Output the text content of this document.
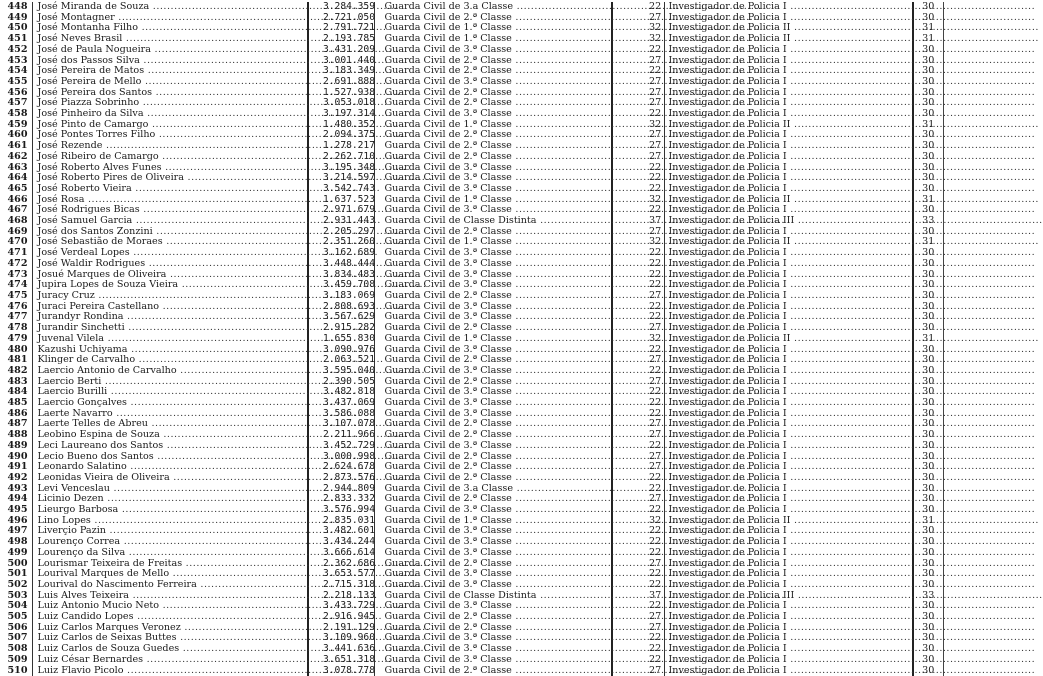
448	José Miranda de Souza .....	3.284.359	Guarda Civil de 3.a Classe .....	22	Investigador de Policia I .....	30
449	José Montagner .....	2.721.050	Guarda Civil de 2.ª Classe .....	27	Investigador de Policia I .....	30
450	José Montanha Filho .....	2.791.721	Guarda Civil de 1.ª Classe .....	32	Investigador de Policia II .....	31
451	José Neves Brasil .....	2.193.785	Guarda Civil de 1.ª Classe .....	32	Investigador de Policia II .....	31
452	José de Paula Nogueira .....	3.431.209	Guarda Civil de 3.ª Classe .....	22	Investigador de Policia I .....	30
453	José dos Passos Silva .....	3.001.440	Guarda Civil de 2.ª Classe .....	27	Investigador de Policia I .....	30
454	José Pereira de Matos .....	3.183.349	Guarda Civil de 2.ª Classe .....	22	Investigador de Policia I .....	30
455	José Pereira de Mello .....	2.691.888	Guarda Civil de 3.ª Classe .....	27	Investigador de Policia I .....	30
456	José Pereira dos Santos .....	1.527.938	Guarda Civil de 2.ª Classe .....	27	Investigador de Policia I .....	30
457	José Piazza Sobrinho .....	3.053.018	Guarda Civil de 2.ª Classe .....	27	Investigador de Policia I .....	30
458	José Pinheiro da Silva .....	3.197.314	Guarda Civil de 3.ª Classe .....	22	Investigador de Policia I .....	30
459	José Pinto de Camargo .....	1.480.352	Guarda Civil de 1.ª Classe .....	32	Investigador de Policia II .....	31
460	José Pontes Torres Filho .....	2.094.375	Guarda Civil de 2.ª Classe .....	27	Investigador de Policia I .....	30
461	José Rezende .....	1.278.217	Guarda Civil de 2.ª Classe .....	27	Investigador de Policia I .....	30
462	José Ribeiro de Camargo .....	2.262.710	Guarda Civil de 2.ª Classe .....	27	Investigador de Policia I .....	30
463	José Roberto Alves Funes .....	3.195.348	Guarda Civil de 3.ª Classe .....	22	Investigador de Policia I .....	30
464	José Roberto Pires de Oliveira .....	3.214.597	Guarda Civil de 3.ª Classe .....	22	Investigador de Policia I .....	30
465	José Roberto Vieira .....	3.542.743	Guarda Civil de 3.ª Classe .....	22	Investigador de Policia I .....	30
466	José Rosa .....	1.637.523	Guarda Civil de 1.ª Classe .....	32	Investigador de Policia II .....	31
467	José Rodrigues Bicas .....	2.971.679	Guarda Civil de 3.ª Classe .....	22	Investigador de Policia I .....	30
468	José Samuel Garcia .....	2.931.443	Guarda Civil de Classe Distinta .....	37	Investigador de Policia III .....	33
469	José dos Santos Zonzini .....	2.205.297	Guarda Civil de 2.ª Classe .....	27	Investigador de Policia I .....	30
470	José Sebastião de Moraes .....	2.351.260	Guarda Civil de 1.ª Classe .....	32	Investigador de Policia II .....	31
471	José Verdeal Lopes .....	3.162.689	Guarda Civil de 3.ª Classe .....	22	Investigador de Policia I .....	30
472	José Waldir Rodrigues .....	3.448.444	Guarda Civil de 3.ª Classe .....	22	Investigador de Policia I .....	30
473	Josué Marques de Oliveira .....	3.834.483	Guarda Civil de 3.ª Classe .....	22	Investigador de Policia I .....	30
474	Jupira Lopes de Souza Vieira .....	3.459.708	Guarda Civil de 3.ª Classe .....	22	Investigador de Policia I .....	30
475	Juracy Cruz .....	3.183.069	Guarda Civil de 2.ª Classe .....	27	Investigador de Policia I .....	30
476	Juraci Pereira Castellano .....	2.808.693	Guarda Civil de 3.ª Classe .....	22	Investigador de Policia I .....	30
477	Jurandyr Rondina .....	3.567.629	Guarda Civil de 3.ª Classe .....	22	Investigador de Policia I .....	30
478	Jurandir Sinchetti .....	2.915.282	Guarda Civil de 2.ª Classe .....	27	Investigador de Policia I .....	30
479	Juvenal Vilela .....	1.655.830	Guarda Civil de 1.ª Classe .....	32	Investigador de Policia II .....	31
480	Kazushi Uchiyama .....	3.090.976	Guarda Civil de 3.ª Classe .....	22	Investigador de Policia I .....	30
481	Klinger de Carvalho .....	2.063.521	Guarda Civil de 2.ª Classe .....	27	Investigador de Policia I .....	30
482	Laercio Antonio de Carvalho .....	3.595.040	Guarda Civil de 3.ª Classe .....	22	Investigador de Policia I .....	30
483	Laercio Berti .....	2.390.505	Guarda Civil de 2.ª Classe .....	27	Investigador de Policia I .....	30
484	Laercio Burilli .....	3.482.818	Guarda Civil de 3.ª Classe .....	22	Investigador de Policia I .....	30
485	Laercio Gonçalves .....	3.437.069	Guarda Civil de 3.ª Classe .....	22	Investigador de Policia I .....	30
486	Laerte Navarro .....	3.586.088	Guarda Civil de 3.ª Classe .....	22	Investigador de Policia I .....	30
487	Laerte Telles de Abreu .....	3.107.078	Guarda Civil de 2.ª Classe .....	27	Investigador de Policia I .....	30
488	Leobino Espina de Souza .....	2.211.966	Guarda Civil de 2.ª Classe .....	27	Investigador de Policia I .....	30
489	Leci Laureano dos Santos .....	3.452.729	Guarda Civil de 3.ª Classe .....	22	Investigador de Policia I .....	30
490	Lecio Bueno dos Santos .....	3.000.998	Guarda Civil de 2.ª Classe .....	27	Investigador de Policia I .....	30
491	Leonardo Salatino .....	2.624.678	Guarda Civil de 2.ª Classe .....	27	Investigador de Policia I .....	30
492	Leonidas Vieira de Oliveira .....	2.873.576	Guarda Civil de 2.ª Classe .....	22	Investigador de Policia I .....	30
493	Levi Venceslau .....	2.944.809	Guarda Civil de 3.a Classe .....	22	Investigador de Policia I .....	30
494	Licinio Dezen .....	2.833.332	Guarda Civil de 2.ª Classe .....	27	Investigador de Policia I .....	30
495	Lieurgo Barbosa .....	3.576.994	Guarda Civil de 3.ª Classe .....	22	Investigador de Policia I .....	30
496	Lino Lopes .....	2.835.031	Guarda Civil de 1.ª Classe .....	32	Investigador de Policia II .....	31
497	Liverçio Pazin .....	3.482.601	Guarda Civil de 3.ª Classe .....	22	Investigador de Policia I .....	30
498	Lourenço Correa .....	3.434.244	Guarda Civil de 3.ª Classe .....	22	Investigador de Policia I .....	30
499	Lourenço da Silva .....	3.666.614	Guarda Civil de 3.ª Classe .....	22	Investigador de Policia I .....	30
500	Lourismar Teixeira de Freitas .....	2.362.686	Guarda Civil de 2.ª Classe .....	27	Investigador de Policia I .....	30
501	Lourival Marques de Mello .....	3.653.577	Guarda Civil de 3.ª Classe .....	22	Investigador de Policia I .....	30
502	Lourival do Nascimento Ferreira .....	2.715.318	Guarda Civil de 3.ª Classe .....	22	Investigador de Policia I .....	30
503	Luis Alves Teixeira .....	2.218.133	Guarda Civil de Classe Distinta .....	37	Investigador de Policia III .....	33
504	Luiz Antonio Mucio Neto .....	3.433.729	Guarda Civil de 3.ª Classe .....	22	Investigador de Policia I .....	30
505	Luiz Candido Lopes .....	2.916.945	Guarda Civil de 2.ª Classe .....	27	Investigador de Policia I .....	30
506	Luiz Carlos Marques Veronez .....	2.191.129	Guarda Civil de 2.ª Classe .....	27	Investigador de Policia I .....	30
507	Luiz Carlos de Seixas Buttes .....	3.109.960	Guarda Civil de 3.ª Classe .....	22	Investigador de Policia I .....	30
508	Luiz Carlos de Souza Guedes .....	3.441.636	Guarda Civil de 3.ª Classe .....	22	Investigador de Policia I .....	30
509	Luiz César Bernardes .....	3.651.318	Guarda Civil de 3.ª Classe .....	22	Investigador de Policia I .....	30
510	Luiz Flavio Picolo .....	3.078.778	Guarda Civil de 2.ª Classe .....	27	Investigador de Policia I .....	30
